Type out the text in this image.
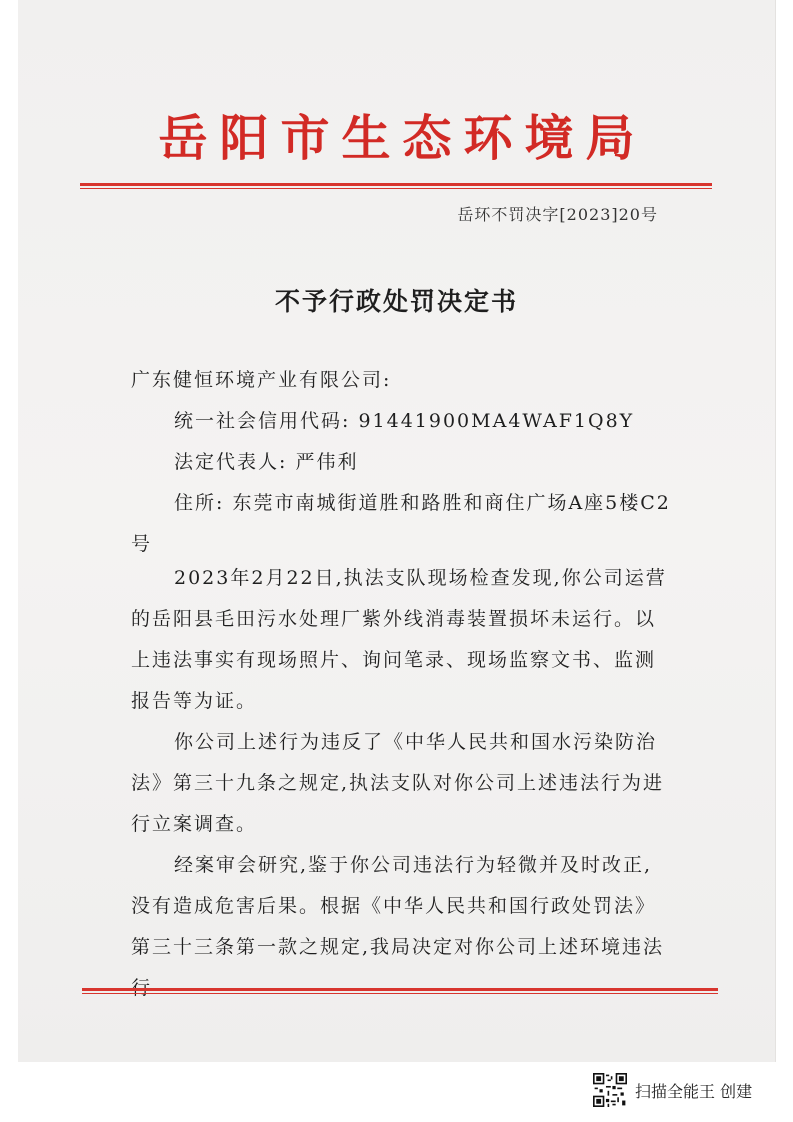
岳阳市生态环境局
岳环不罚决字[2023]20号
不予行政处罚决定书

广东健恒环境产业有限公司:

统一社会信用代码: 91441900MA4WAF1Q8Y

法定代表人: 严伟利

住所: 东莞市南城街道胜和路胜和商住广场A座5楼C2号

2023年2月22日,执法支队现场检查发现,你公司运营的岳阳县毛田污水处理厂紫外线消毒装置损坏未运行。以上违法事实有现场照片、询问笔录、现场监察文书、监测报告等为证。

你公司上述行为违反了《中华人民共和国水污染防治法》第三十九条之规定,执法支队对你公司上述违法行为进行立案调查。

经案审会研究,鉴于你公司违法行为轻微并及时改正,没有造成危害后果。根据《中华人民共和国行政处罚法》第三十三条第一款之规定,我局决定对你公司上述环境违法

扫描全能王 创建
